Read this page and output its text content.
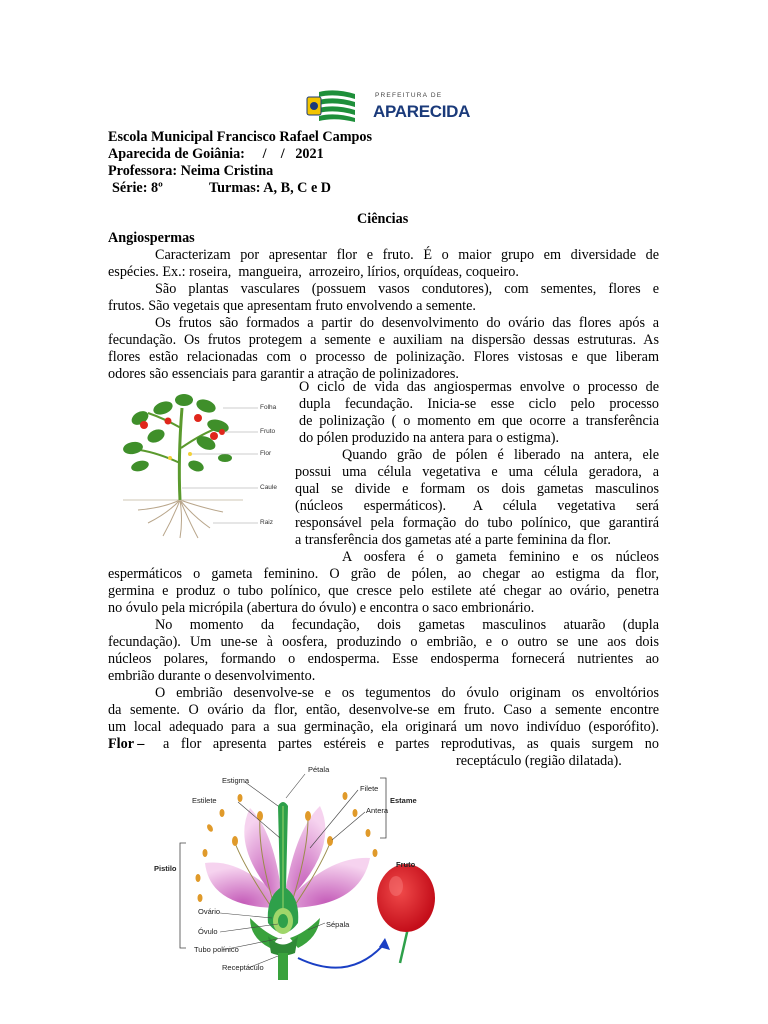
PREFEITURA DE
APARECIDA
Escola Municipal Francisco Rafael Campos
Aparecida de Goiânia:     /    /   2021
Professora: Neima Cristina
Série: 8º	Turmas: A, B, C e D
Ciências
Angiospermas
Caracterizam por apresentar flor e fruto. É o maior grupo em diversidade de
espécies. Ex.: roseira,  mangueira,  arrozeiro, lírios, orquídeas, coqueiro.
São plantas vasculares (possuem vasos condutores), com sementes, flores e
frutos. São vegetais que apresentam fruto envolvendo a semente.
Os frutos são formados a partir do desenvolvimento do ovário das flores após a
fecundação. Os frutos protegem a semente e auxiliam na dispersão dessas estruturas. As
flores estão relacionadas com o processo de polinização. Flores vistosas e que liberam
odores são essenciais para garantir a atração de polinizadores.
Folha
Fruto
Flor
Caule
Raiz
O ciclo de vida das angiospermas envolve o processo de
dupla fecundação. Inicia-se esse ciclo pelo processo
de polinização ( o momento em que ocorre a transferência
do pólen produzido na antera para o estigma).
Quando grão de pólen é liberado na antera, ele
possui uma célula vegetativa e uma célula geradora, a
qual se divide e formam os dois gametas masculinos
(núcleos   espermáticos).    A   célula   vegetativa   será
responsável pela formação do tubo polínico, que garantirá
a transferência dos gametas até a parte feminina da flor.
A oosfera é o gameta feminino e os núcleos
espermáticos o gameta feminino. O grão de pólen, ao chegar ao estigma da flor,
germina e produz o tubo polínico, que cresce pelo estilete até chegar ao ovário, penetra
no óvulo pela micrópila (abertura do óvulo) e encontra o saco embrionário.
No momento da fecundação, dois gametas masculinos atuarão (dupla
fecundação). Um une-se à oosfera, produzindo o embrião, e o outro se une aos dois
núcleos polares, formando o endosperma. Esse endosperma fornecerá nutrientes ao
embrião durante o desenvolvimento.
O embrião desenvolve-se e os tegumentos do óvulo originam os envoltórios
da semente. O ovário da flor, então, desenvolve-se em fruto. Caso a semente encontre
um local adequado para a sua germinação, ela originará um novo indivíduo (esporófito).
Flor – a flor apresenta partes estéreis e partes reprodutivas, as quais surgem no
receptáculo (região dilatada).
Pétala
Estigma
Estilete
Filete
Estame
Antera
Pistilo	Fruto
Ovário
Óvulo
Tubo polínico
Sépala
Receptáculo
